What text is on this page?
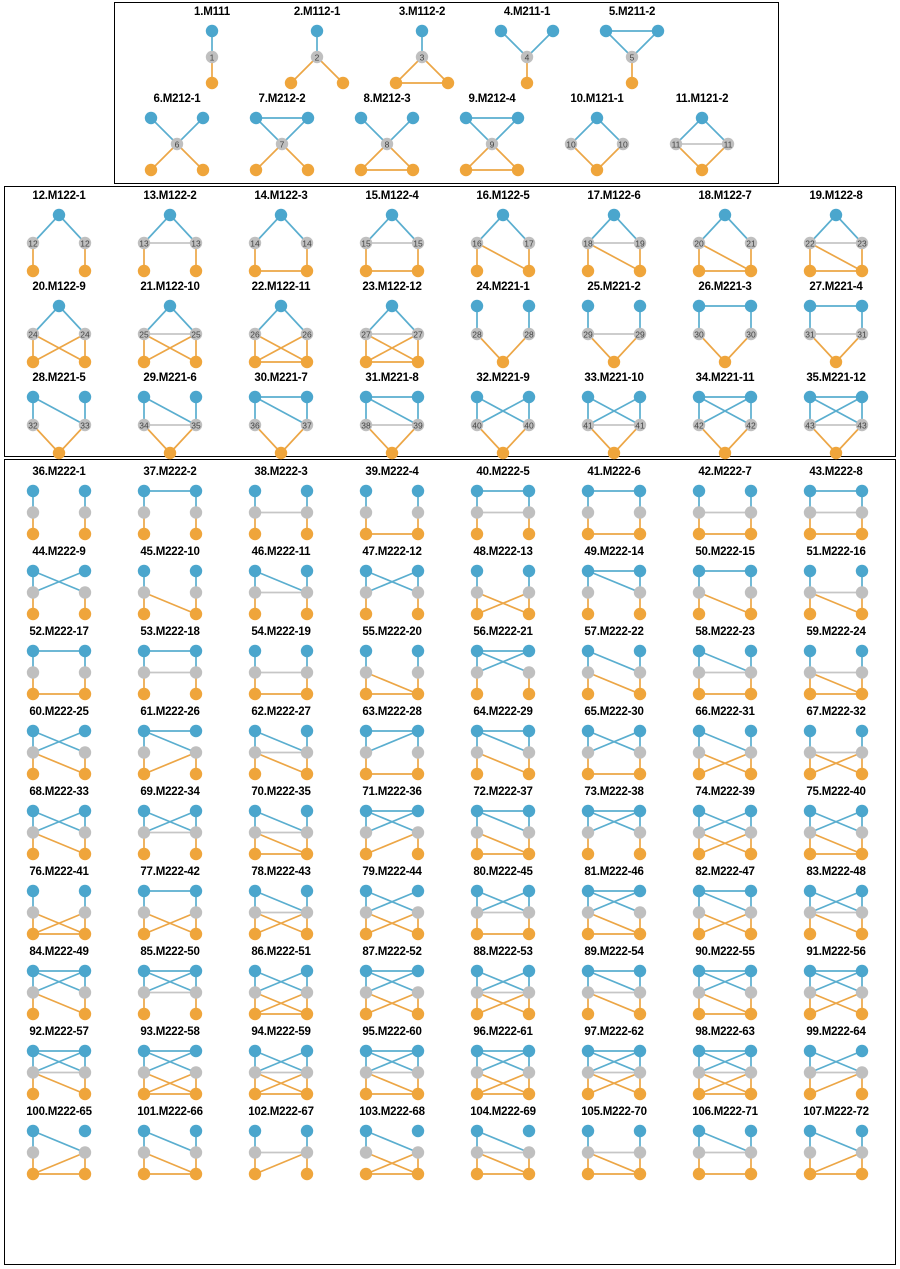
1.M111
1
2.M112-1
2
3.M112-2
3
4.M211-1
4
5.M211-2
5
6.M212-1
6
7.M212-2
7
8.M212-3
8
9.M212-4
9
10.M121-1
10	10
11.M121-2
11	11
12.M122-1
12	12
13.M122-2
13	13
14.M122-3
14	14
15.M122-4
15	15
16.M122-5
16	17
17.M122-6
18	19
18.M122-7
20	21
19.M122-8
22	23
20.M122-9
24	24
21.M122-10
25	25
22.M122-11
26	26
23.M122-12
27	27
24.M221-1
28	28
25.M221-2
29	29
26.M221-3
30	30
27.M221-4
31	31
28.M221-5
32	33
29.M221-6
34	35
30.M221-7
36	37
31.M221-8
38	39
32.M221-9
40	40
33.M221-10
41	41
34.M221-11
42	42
35.M221-12
43	43
36.M222-1	37.M222-2	38.M222-3	39.M222-4	40.M222-5	41.M222-6	42.M222-7	43.M222-8
44.M222-9	45.M222-10	46.M222-11	47.M222-12	48.M222-13	49.M222-14	50.M222-15	51.M222-16
52.M222-17	53.M222-18	54.M222-19	55.M222-20	56.M222-21	57.M222-22	58.M222-23	59.M222-24
60.M222-25	61.M222-26	62.M222-27	63.M222-28	64.M222-29	65.M222-30	66.M222-31	67.M222-32
68.M222-33	69.M222-34	70.M222-35	71.M222-36	72.M222-37	73.M222-38	74.M222-39	75.M222-40
76.M222-41	77.M222-42	78.M222-43	79.M222-44	80.M222-45	81.M222-46	82.M222-47	83.M222-48
84.M222-49	85.M222-50	86.M222-51	87.M222-52	88.M222-53	89.M222-54	90.M222-55	91.M222-56
92.M222-57	93.M222-58	94.M222-59	95.M222-60	96.M222-61	97.M222-62	98.M222-63	99.M222-64
100.M222-65	101.M222-66	102.M222-67	103.M222-68	104.M222-69	105.M222-70	106.M222-71	107.M222-72
